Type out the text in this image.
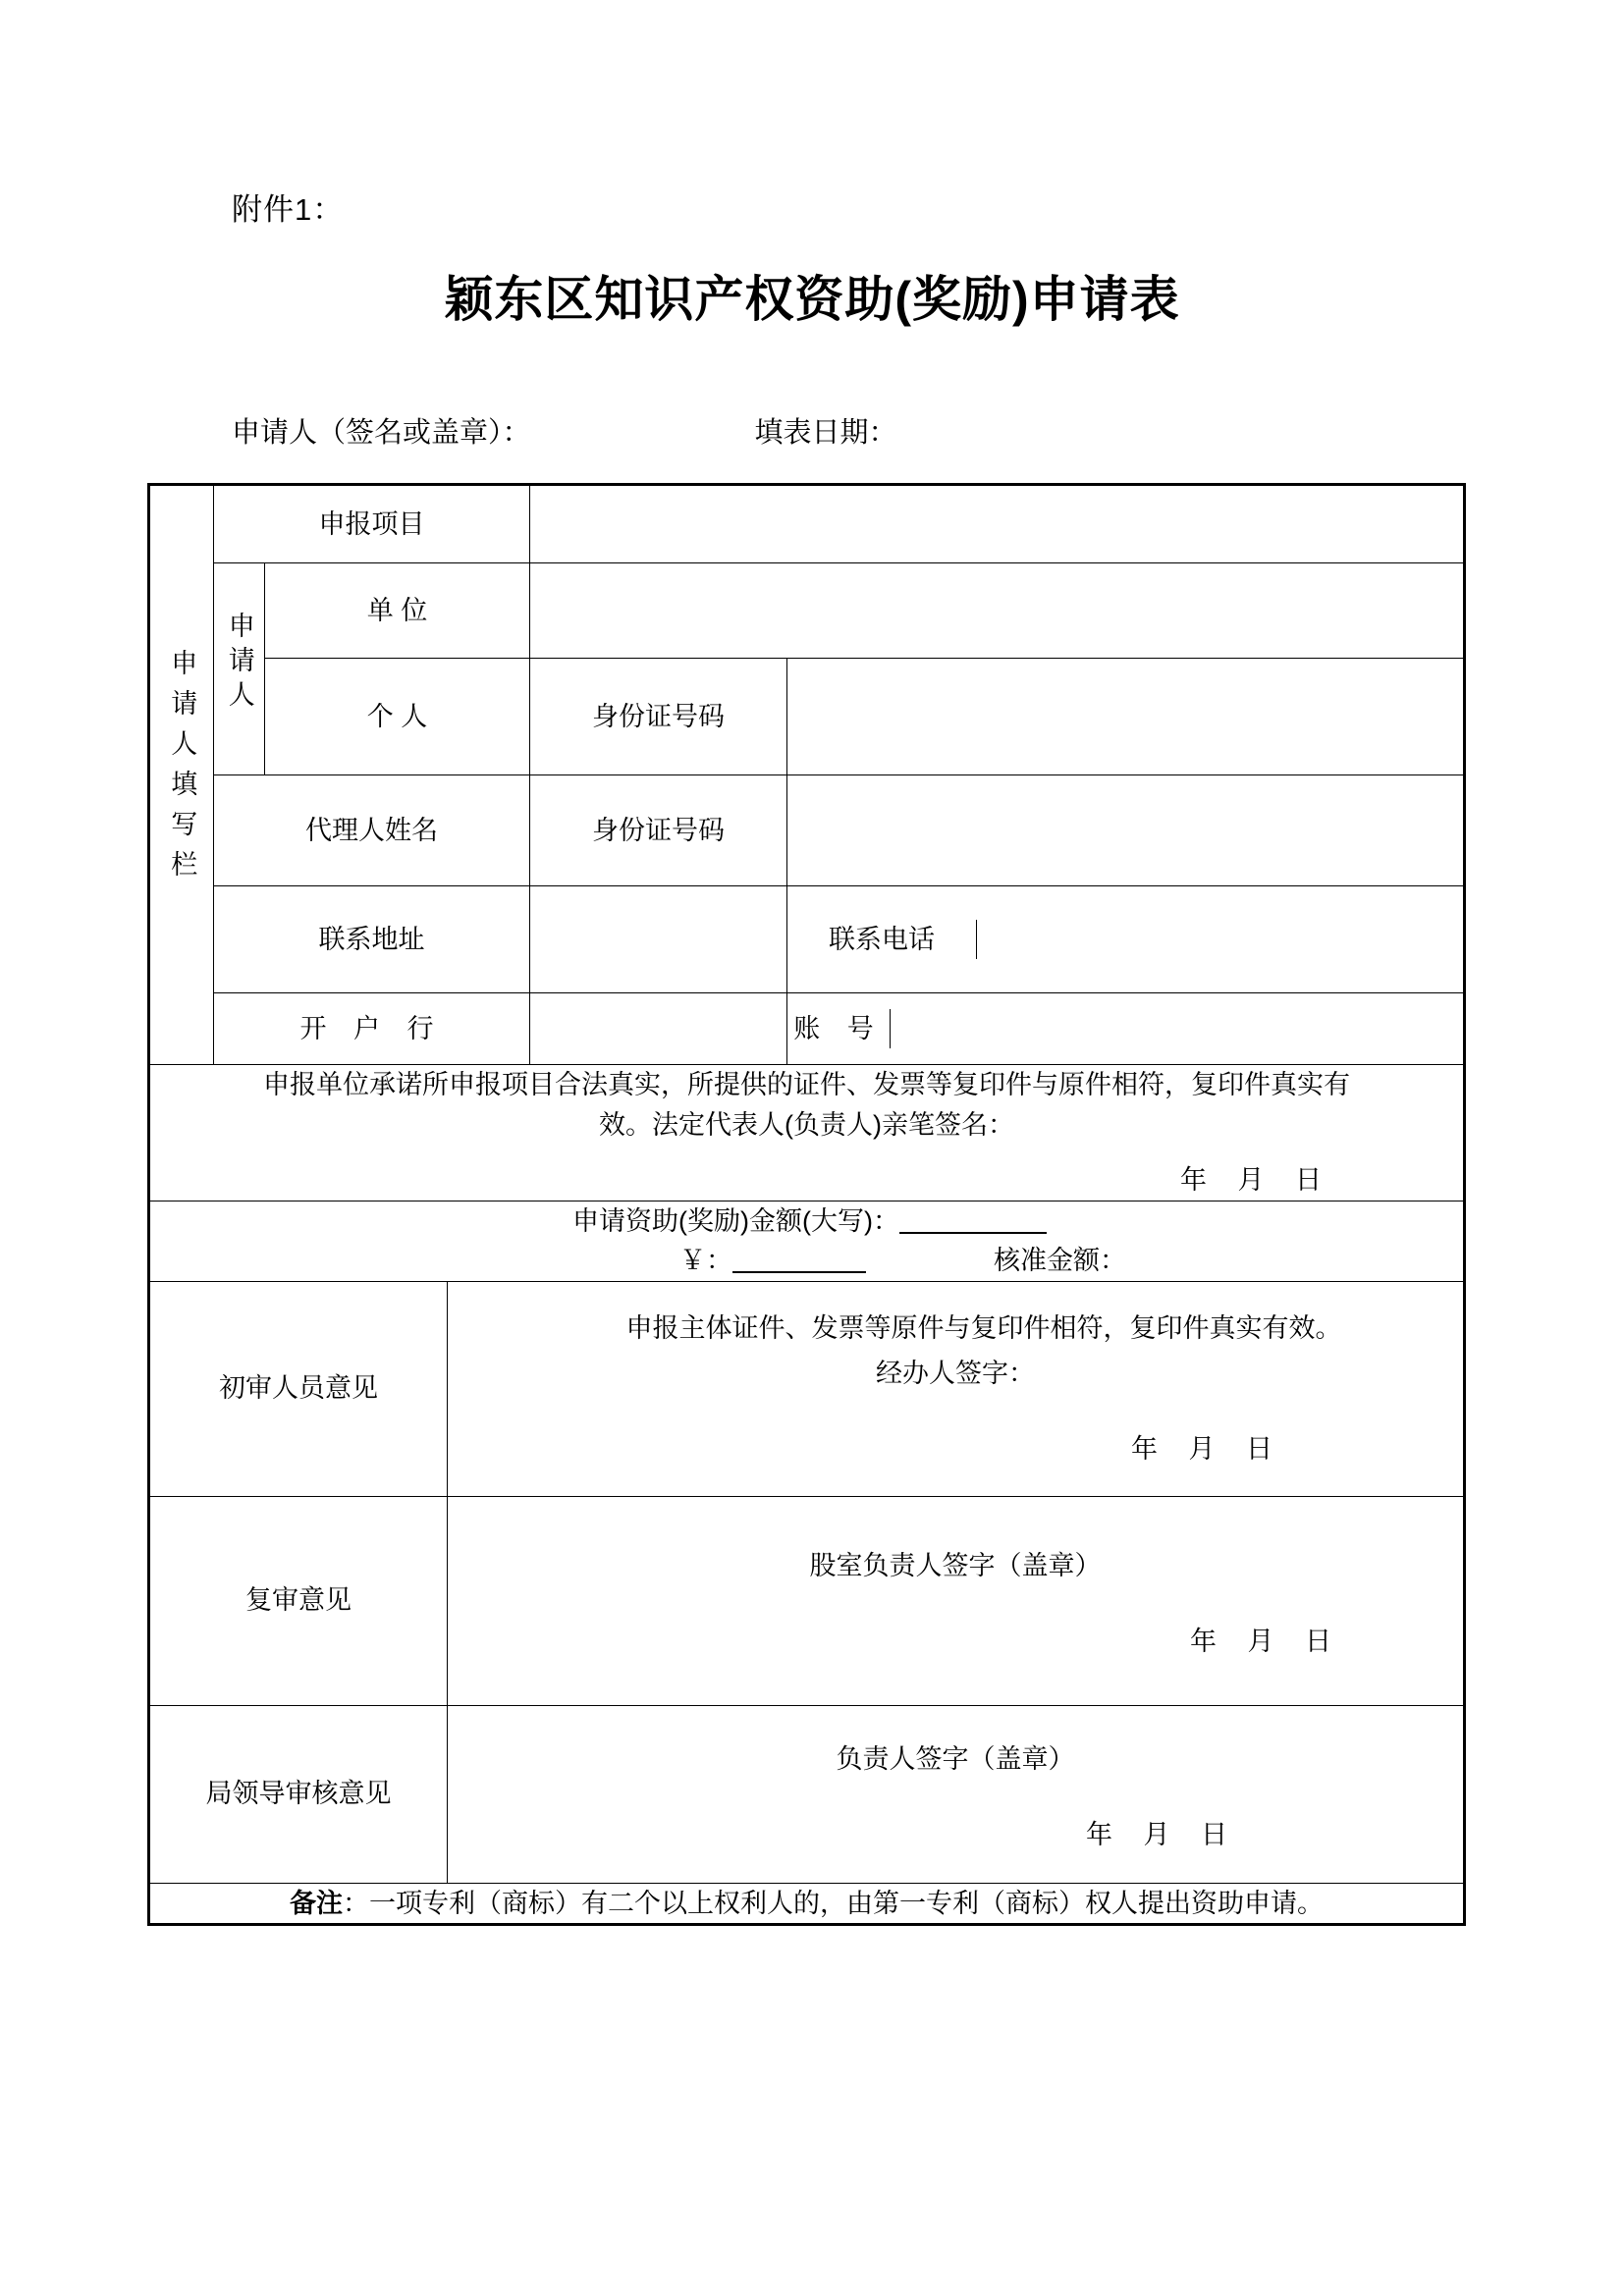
附件1：
颖东区知识产权资助(奖励)申请表
申请人（签名或盖章）：	填表日期：
申请人填写栏	申报项目				
	申请人	单 位			
		个 人		身份证号码	

	代理人姓名			身份证号码	

	联系地址				联系电话	

	开 户 行				账 号	

申报单位承诺所申报项目合法真实，所提供的证件、发票等复印件与原件相符，复印件真实有
效。法定代表人(负责人)亲笔签名：
年 月 日					

申请资助(奖励)金额(大写)：
￥： 核准金额：					

初审人员意见			申报主体证件、发票等原件与复印件相符，复印件真实有效。
经办人签字：
年 月 日		

复审意见			股室负责人签字（盖章）
年 月 日		

局领导审核意见			负责人签字（盖章）
年 月 日		

备注：一项专利（商标）有二个以上权利人的，由第一专利（商标）权人提出资助申请。					
